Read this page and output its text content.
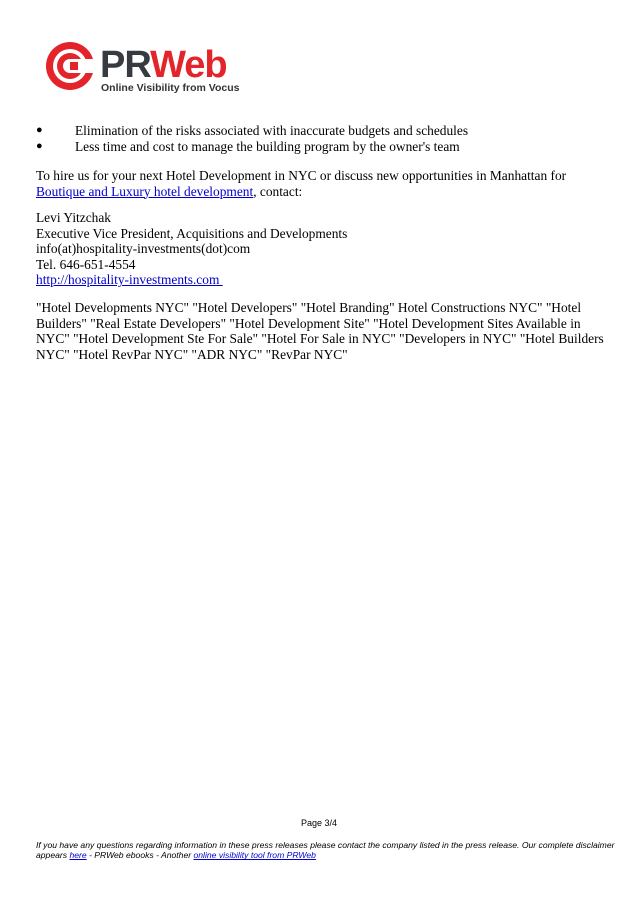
PRWeb
Online Visibility from Vocus
●	Elimination of the risks associated with inaccurate budgets and schedules
●	Less time and cost to manage the building program by the owner's team
To hire us for your next Hotel Development in NYC or discuss new opportunities in Manhattan for Boutique and Luxury hotel development, contact:
Levi Yitzchak
Executive Vice President, Acquisitions and Developments
info(at)hospitality-investments(dot)com
Tel. 646-651-4554
http://hospitality-investments.com
"Hotel Developments NYC" "Hotel Developers" "Hotel Branding" Hotel Constructions NYC" "Hotel Builders" "Real Estate Developers" "Hotel Development Site" "Hotel Development Sites Available in NYC" "Hotel Development Ste For Sale" "Hotel For Sale in NYC" "Developers in NYC" "Hotel Builders NYC" "Hotel RevPar NYC" "ADR NYC" "RevPar NYC"
Page 3/4
If you have any questions regarding information in these press releases please contact the company listed in the press release. Our complete disclaimer appears here - PRWeb ebooks - Another online visibility tool from PRWeb
